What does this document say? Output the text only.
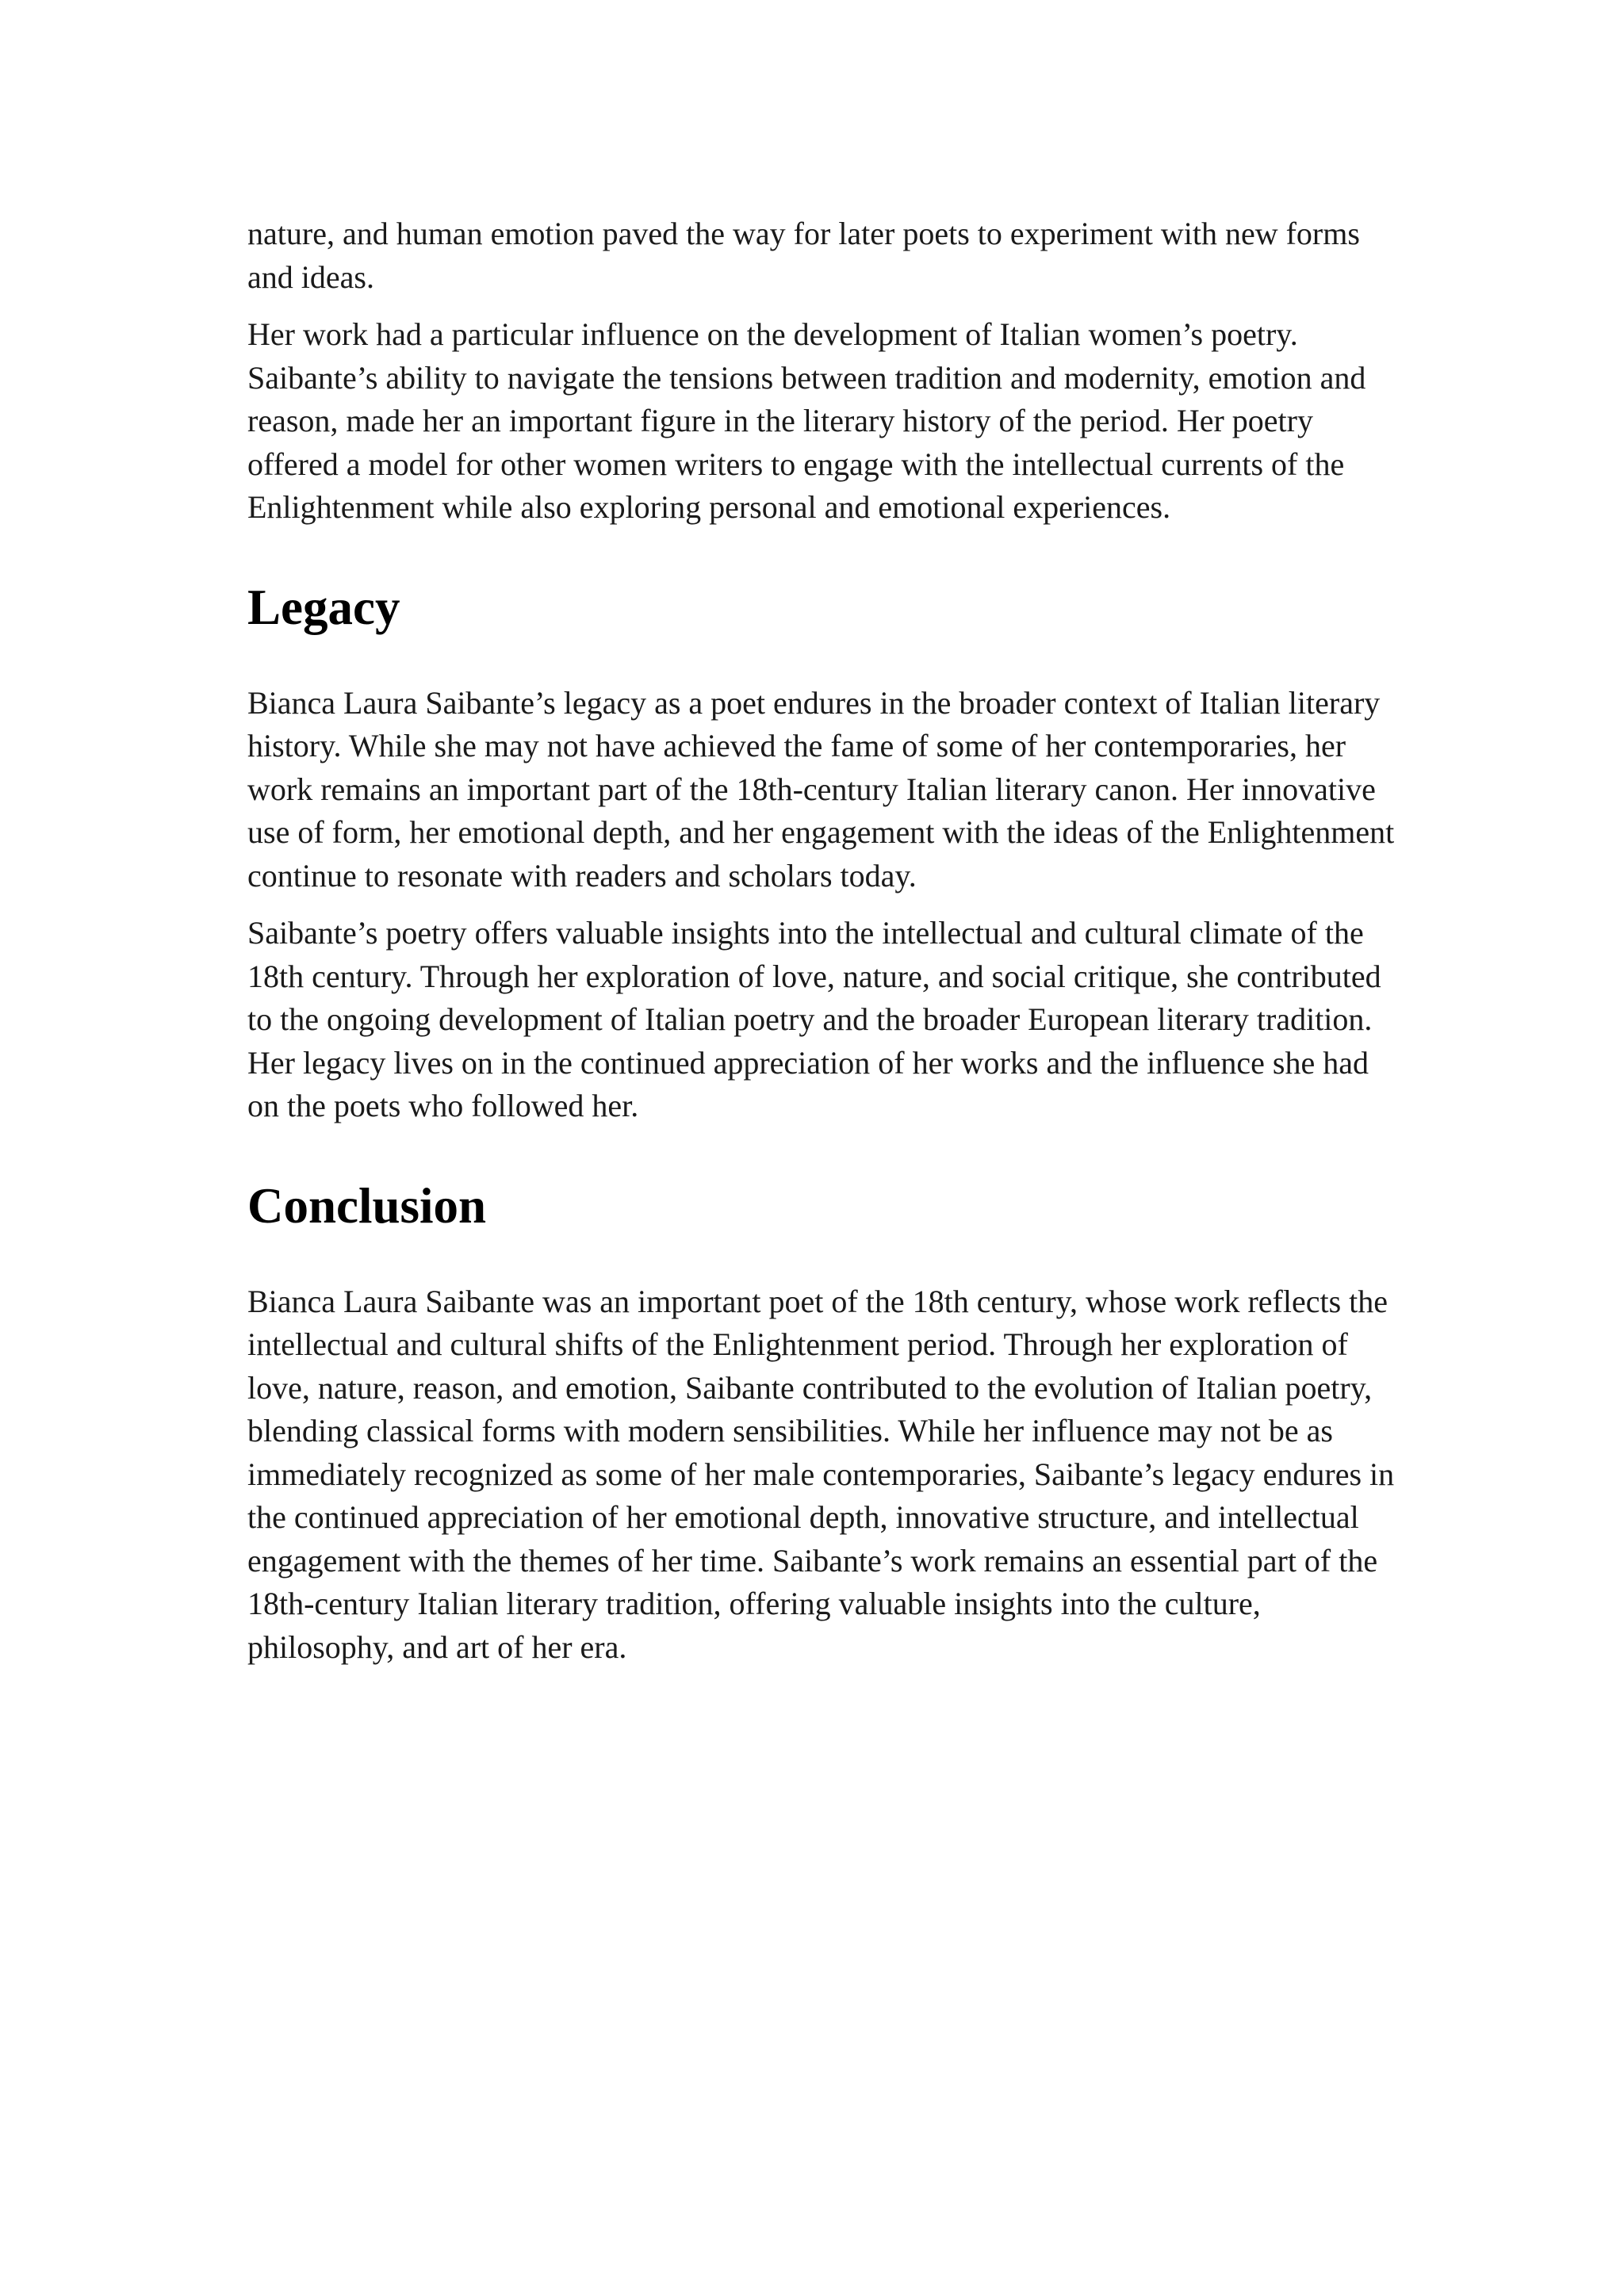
nature, and human emotion paved the way for later poets to experiment with new forms and ideas.

Her work had a particular influence on the development of Italian women’s poetry. Saibante’s ability to navigate the tensions between tradition and modernity, emotion and reason, made her an important figure in the literary history of the period. Her poetry offered a model for other women writers to engage with the intellectual currents of the Enlightenment while also exploring personal and emotional experiences.

Legacy

Bianca Laura Saibante’s legacy as a poet endures in the broader context of Italian literary history. While she may not have achieved the fame of some of her contemporaries, her work remains an important part of the 18th-century Italian literary canon. Her innovative use of form, her emotional depth, and her engagement with the ideas of the Enlightenment continue to resonate with readers and scholars today.

Saibante’s poetry offers valuable insights into the intellectual and cultural climate of the 18th century. Through her exploration of love, nature, and social critique, she contributed to the ongoing development of Italian poetry and the broader European literary tradition. Her legacy lives on in the continued appreciation of her works and the influence she had on the poets who followed her.

Conclusion

Bianca Laura Saibante was an important poet of the 18th century, whose work reflects the intellectual and cultural shifts of the Enlightenment period. Through her exploration of love, nature, reason, and emotion, Saibante contributed to the evolution of Italian poetry, blending classical forms with modern sensibilities. While her influence may not be as immediately recognized as some of her male contemporaries, Saibante’s legacy endures in the continued appreciation of her emotional depth, innovative structure, and intellectual engagement with the themes of her time. Saibante’s work remains an essential part of the 18th-century Italian literary tradition, offering valuable insights into the culture, philosophy, and art of her era.
